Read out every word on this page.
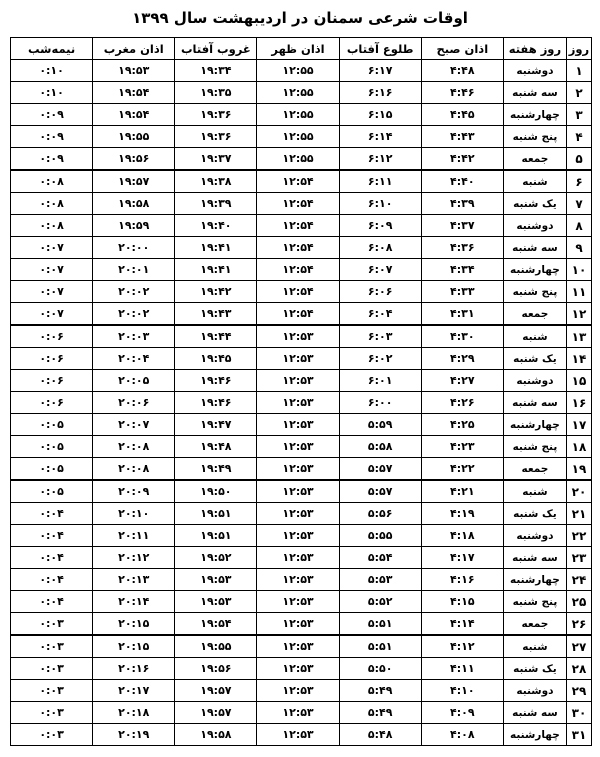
اوقات شرعی سمنان در اردیبهشت سال ۱۳۹۹
روز	روز هفته	اذان صبح	طلوع آفتاب	اذان ظهر	غروب آفتاب	اذان مغرب	نیمه‌شب
۱	دوشنبه	۴:۴۸	۶:۱۷	۱۲:۵۵	۱۹:۳۴	۱۹:۵۳	۰:۱۰
۲	سه شنبه	۴:۴۶	۶:۱۶	۱۲:۵۵	۱۹:۳۵	۱۹:۵۴	۰:۱۰
۳	چهارشنبه	۴:۴۵	۶:۱۵	۱۲:۵۵	۱۹:۳۶	۱۹:۵۴	۰:۰۹
۴	پنج شنبه	۴:۴۳	۶:۱۴	۱۲:۵۵	۱۹:۳۶	۱۹:۵۵	۰:۰۹
۵	جمعه	۴:۴۲	۶:۱۲	۱۲:۵۵	۱۹:۳۷	۱۹:۵۶	۰:۰۹
۶	شنبه	۴:۴۰	۶:۱۱	۱۲:۵۴	۱۹:۳۸	۱۹:۵۷	۰:۰۸
۷	یک شنبه	۴:۳۹	۶:۱۰	۱۲:۵۴	۱۹:۳۹	۱۹:۵۸	۰:۰۸
۸	دوشنبه	۴:۳۷	۶:۰۹	۱۲:۵۴	۱۹:۴۰	۱۹:۵۹	۰:۰۸
۹	سه شنبه	۴:۳۶	۶:۰۸	۱۲:۵۴	۱۹:۴۱	۲۰:۰۰	۰:۰۷
۱۰	چهارشنبه	۴:۳۴	۶:۰۷	۱۲:۵۴	۱۹:۴۱	۲۰:۰۱	۰:۰۷
۱۱	پنج شنبه	۴:۳۳	۶:۰۶	۱۲:۵۴	۱۹:۴۲	۲۰:۰۲	۰:۰۷
۱۲	جمعه	۴:۳۱	۶:۰۴	۱۲:۵۴	۱۹:۴۳	۲۰:۰۲	۰:۰۷
۱۳	شنبه	۴:۳۰	۶:۰۳	۱۲:۵۳	۱۹:۴۴	۲۰:۰۳	۰:۰۶
۱۴	یک شنبه	۴:۲۹	۶:۰۲	۱۲:۵۳	۱۹:۴۵	۲۰:۰۴	۰:۰۶
۱۵	دوشنبه	۴:۲۷	۶:۰۱	۱۲:۵۳	۱۹:۴۶	۲۰:۰۵	۰:۰۶
۱۶	سه شنبه	۴:۲۶	۶:۰۰	۱۲:۵۳	۱۹:۴۶	۲۰:۰۶	۰:۰۶
۱۷	چهارشنبه	۴:۲۵	۵:۵۹	۱۲:۵۳	۱۹:۴۷	۲۰:۰۷	۰:۰۵
۱۸	پنج شنبه	۴:۲۳	۵:۵۸	۱۲:۵۳	۱۹:۴۸	۲۰:۰۸	۰:۰۵
۱۹	جمعه	۴:۲۲	۵:۵۷	۱۲:۵۳	۱۹:۴۹	۲۰:۰۸	۰:۰۵
۲۰	شنبه	۴:۲۱	۵:۵۷	۱۲:۵۳	۱۹:۵۰	۲۰:۰۹	۰:۰۵
۲۱	یک شنبه	۴:۱۹	۵:۵۶	۱۲:۵۳	۱۹:۵۱	۲۰:۱۰	۰:۰۴
۲۲	دوشنبه	۴:۱۸	۵:۵۵	۱۲:۵۳	۱۹:۵۱	۲۰:۱۱	۰:۰۴
۲۳	سه شنبه	۴:۱۷	۵:۵۴	۱۲:۵۳	۱۹:۵۲	۲۰:۱۲	۰:۰۴
۲۴	چهارشنبه	۴:۱۶	۵:۵۳	۱۲:۵۳	۱۹:۵۳	۲۰:۱۳	۰:۰۴
۲۵	پنج شنبه	۴:۱۵	۵:۵۲	۱۲:۵۳	۱۹:۵۳	۲۰:۱۴	۰:۰۴
۲۶	جمعه	۴:۱۴	۵:۵۱	۱۲:۵۳	۱۹:۵۴	۲۰:۱۵	۰:۰۳
۲۷	شنبه	۴:۱۲	۵:۵۱	۱۲:۵۳	۱۹:۵۵	۲۰:۱۵	۰:۰۳
۲۸	یک شنبه	۴:۱۱	۵:۵۰	۱۲:۵۳	۱۹:۵۶	۲۰:۱۶	۰:۰۳
۲۹	دوشنبه	۴:۱۰	۵:۴۹	۱۲:۵۳	۱۹:۵۷	۲۰:۱۷	۰:۰۳
۳۰	سه شنبه	۴:۰۹	۵:۴۹	۱۲:۵۳	۱۹:۵۷	۲۰:۱۸	۰:۰۳
۳۱	چهارشنبه	۴:۰۸	۵:۴۸	۱۲:۵۳	۱۹:۵۸	۲۰:۱۹	۰:۰۳
